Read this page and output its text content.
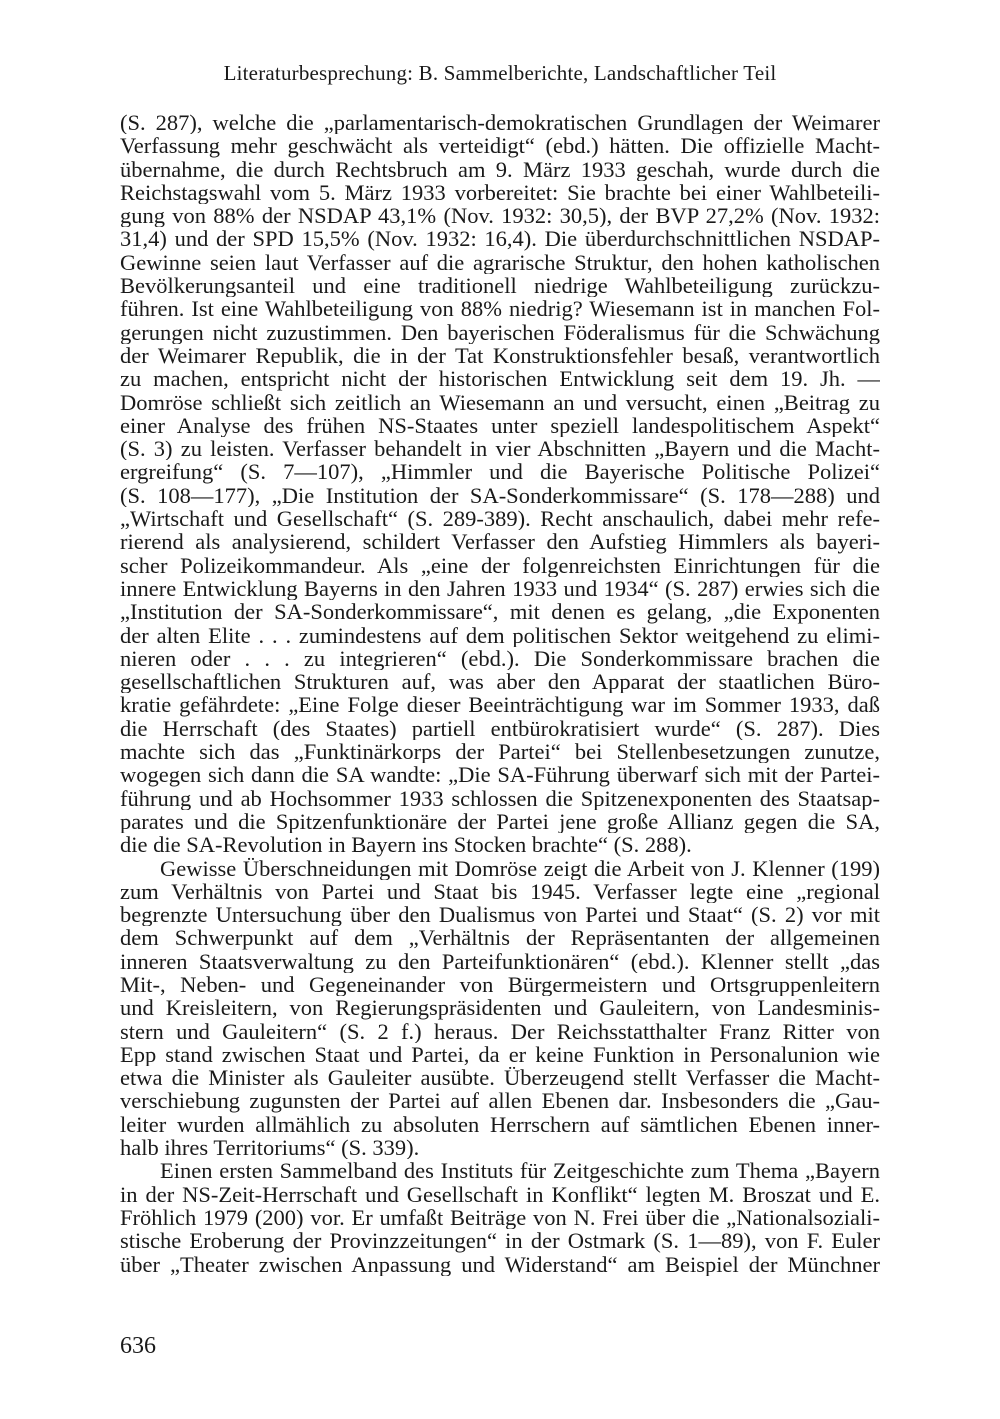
Literaturbesprechung: B. Sammelberichte, Landschaftlicher Teil
(S. 287), welche die „parlamentarisch-demokratischen Grundlagen der Weimarer
Verfassung mehr geschwächt als verteidigt“ (ebd.) hätten. Die offizielle Macht-
übernahme, die durch Rechtsbruch am 9. März 1933 geschah, wurde durch die
Reichstagswahl vom 5. März 1933 vorbereitet: Sie brachte bei einer Wahlbeteili-
gung von 88% der NSDAP 43,1% (Nov. 1932: 30,5), der BVP 27,2% (Nov. 1932:
31,4) und der SPD 15,5% (Nov. 1932: 16,4). Die überdurchschnittlichen NSDAP-
Gewinne seien laut Verfasser auf die agrarische Struktur, den hohen katholischen
Bevölkerungsanteil und eine traditionell niedrige Wahlbeteiligung zurückzu-
führen. Ist eine Wahlbeteiligung von 88% niedrig? Wiesemann ist in manchen Fol-
gerungen nicht zuzustimmen. Den bayerischen Föderalismus für die Schwächung
der Weimarer Republik, die in der Tat Konstruktionsfehler besaß, verantwortlich
zu machen, entspricht nicht der historischen Entwicklung seit dem 19. Jh. —
Domröse schließt sich zeitlich an Wiesemann an und versucht, einen „Beitrag zu
einer Analyse des frühen NS-Staates unter speziell landespolitischem Aspekt“
(S. 3) zu leisten. Verfasser behandelt in vier Abschnitten „Bayern und die Macht-
ergreifung“ (S. 7—107), „Himmler und die Bayerische Politische Polizei“
(S. 108—177), „Die Institution der SA-Sonderkommissare“ (S. 178—288) und
„Wirtschaft und Gesellschaft“ (S. 289-389). Recht anschaulich, dabei mehr refe-
rierend als analysierend, schildert Verfasser den Aufstieg Himmlers als bayeri-
scher Polizeikommandeur. Als „eine der folgenreichsten Einrichtungen für die
innere Entwicklung Bayerns in den Jahren 1933 und 1934“ (S. 287) erwies sich die
„Institution der SA-Sonderkommissare“, mit denen es gelang, „die Exponenten
der alten Elite . . . zumindestens auf dem politischen Sektor weitgehend zu elimi-
nieren oder . . . zu integrieren“ (ebd.). Die Sonderkommissare brachen die
gesellschaftlichen Strukturen auf, was aber den Apparat der staatlichen Büro-
kratie gefährdete: „Eine Folge dieser Beeinträchtigung war im Sommer 1933, daß
die Herrschaft (des Staates) partiell entbürokratisiert wurde“ (S. 287). Dies
machte sich das „Funktinärkorps der Partei“ bei Stellenbesetzungen zunutze,
wogegen sich dann die SA wandte: „Die SA-Führung überwarf sich mit der Partei-
führung und ab Hochsommer 1933 schlossen die Spitzenexponenten des Staatsap-
parates und die Spitzenfunktionäre der Partei jene große Allianz gegen die SA,
die die SA-Revolution in Bayern ins Stocken brachte“ (S. 288).
Gewisse Überschneidungen mit Domröse zeigt die Arbeit von J. Klenner (199)
zum Verhältnis von Partei und Staat bis 1945. Verfasser legte eine „regional
begrenzte Untersuchung über den Dualismus von Partei und Staat“ (S. 2) vor mit
dem Schwerpunkt auf dem „Verhältnis der Repräsentanten der allgemeinen
inneren Staatsverwaltung zu den Parteifunktionären“ (ebd.). Klenner stellt „das
Mit-, Neben- und Gegeneinander von Bürgermeistern und Ortsgruppenleitern
und Kreisleitern, von Regierungspräsidenten und Gauleitern, von Landesminis-
stern und Gauleitern“ (S. 2 f.) heraus. Der Reichsstatthalter Franz Ritter von
Epp stand zwischen Staat und Partei, da er keine Funktion in Personalunion wie
etwa die Minister als Gauleiter ausübte. Überzeugend stellt Verfasser die Macht-
verschiebung zugunsten der Partei auf allen Ebenen dar. Insbesonders die „Gau-
leiter wurden allmählich zu absoluten Herrschern auf sämtlichen Ebenen inner-
halb ihres Territoriums“ (S. 339).
Einen ersten Sammelband des Instituts für Zeitgeschichte zum Thema „Bayern
in der NS-Zeit-Herrschaft und Gesellschaft in Konflikt“ legten M. Broszat und E.
Fröhlich 1979 (200) vor. Er umfaßt Beiträge von N. Frei über die „Nationalsoziali-
stische Eroberung der Provinzzeitungen“ in der Ostmark (S. 1—89), von F. Euler
über „Theater zwischen Anpassung und Widerstand“ am Beispiel der Münchner
636
